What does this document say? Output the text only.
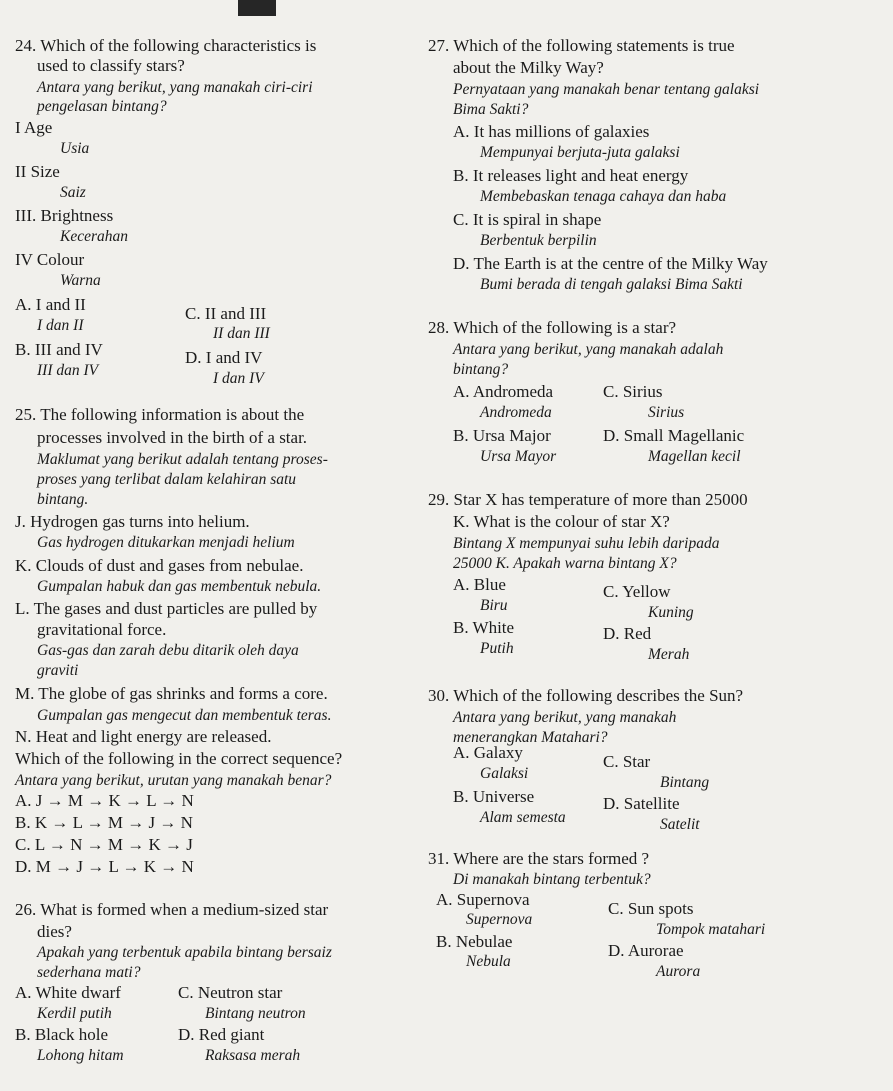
24. Which of the following characteristics is
used to classify stars?
Antara yang berikut, yang manakah ciri-ciri
pengelasan bintang?
I Age
Usia
II Size
Saiz
III. Brightness
Kecerahan
IV Colour
Warna
A. I and II
I dan II
C. II and III
II dan III
B. III and IV
III dan IV
D. I and IV
I dan IV
25. The following information is about the
processes involved in the birth of a star.
Maklumat yang berikut adalah tentang proses-
proses yang terlibat dalam kelahiran satu
bintang.
J. Hydrogen gas turns into helium.
Gas hydrogen ditukarkan menjadi helium
K. Clouds of dust and gases from nebulae.
Gumpalan habuk dan gas membentuk nebula.
L. The gases and dust particles are pulled by
gravitational force.
Gas-gas dan zarah debu ditarik oleh daya
graviti
M. The globe of gas shrinks and forms a core.
Gumpalan gas mengecut dan membentuk teras.
N. Heat and light energy are released.
Which of the following in the correct sequence?
Antara yang berikut, urutan yang manakah benar?
A. J → M → K → L → N
B. K → L → M → J → N
C. L → N → M → K → J
D. M → J → L → K → N
26. What is formed when a medium-sized star
dies?
Apakah yang terbentuk apabila bintang bersaiz
sederhana mati?
A. White dwarf
Kerdil putih
C. Neutron star
Bintang neutron
B. Black hole
Lohong hitam
D. Red giant
Raksasa merah
27. Which of the following statements is true
about the Milky Way?
Pernyataan yang manakah benar tentang galaksi
Bima Sakti?
A. It has millions of galaxies
Mempunyai berjuta-juta galaksi
B. It releases light and heat energy
Membebaskan tenaga cahaya dan haba
C. It is spiral in shape
Berbentuk berpilin
D. The Earth is at the centre of the Milky Way
Bumi berada di tengah galaksi Bima Sakti
28. Which of the following is a star?
Antara yang berikut, yang manakah adalah
bintang?
A. Andromeda
Andromeda
C. Sirius
Sirius
B. Ursa Major
Ursa Mayor
D. Small Magellanic
Magellan kecil
29. Star X has temperature of more than 25000
K. What is the colour of star X?
Bintang X mempunyai suhu lebih daripada
25000 K. Apakah warna bintang X?
A. Blue
Biru
C. Yellow
Kuning
B. White
Putih
D. Red
Merah
30. Which of the following describes the Sun?
Antara yang berikut, yang manakah
menerangkan Matahari?
A. Galaxy
Galaksi
C. Star
Bintang
B. Universe
Alam semesta
D. Satellite
Satelit
31. Where are the stars formed ?
Di manakah bintang terbentuk?
A. Supernova
Supernova
C. Sun spots
Tompok matahari
B. Nebulae
Nebula
D. Aurorae
Aurora
